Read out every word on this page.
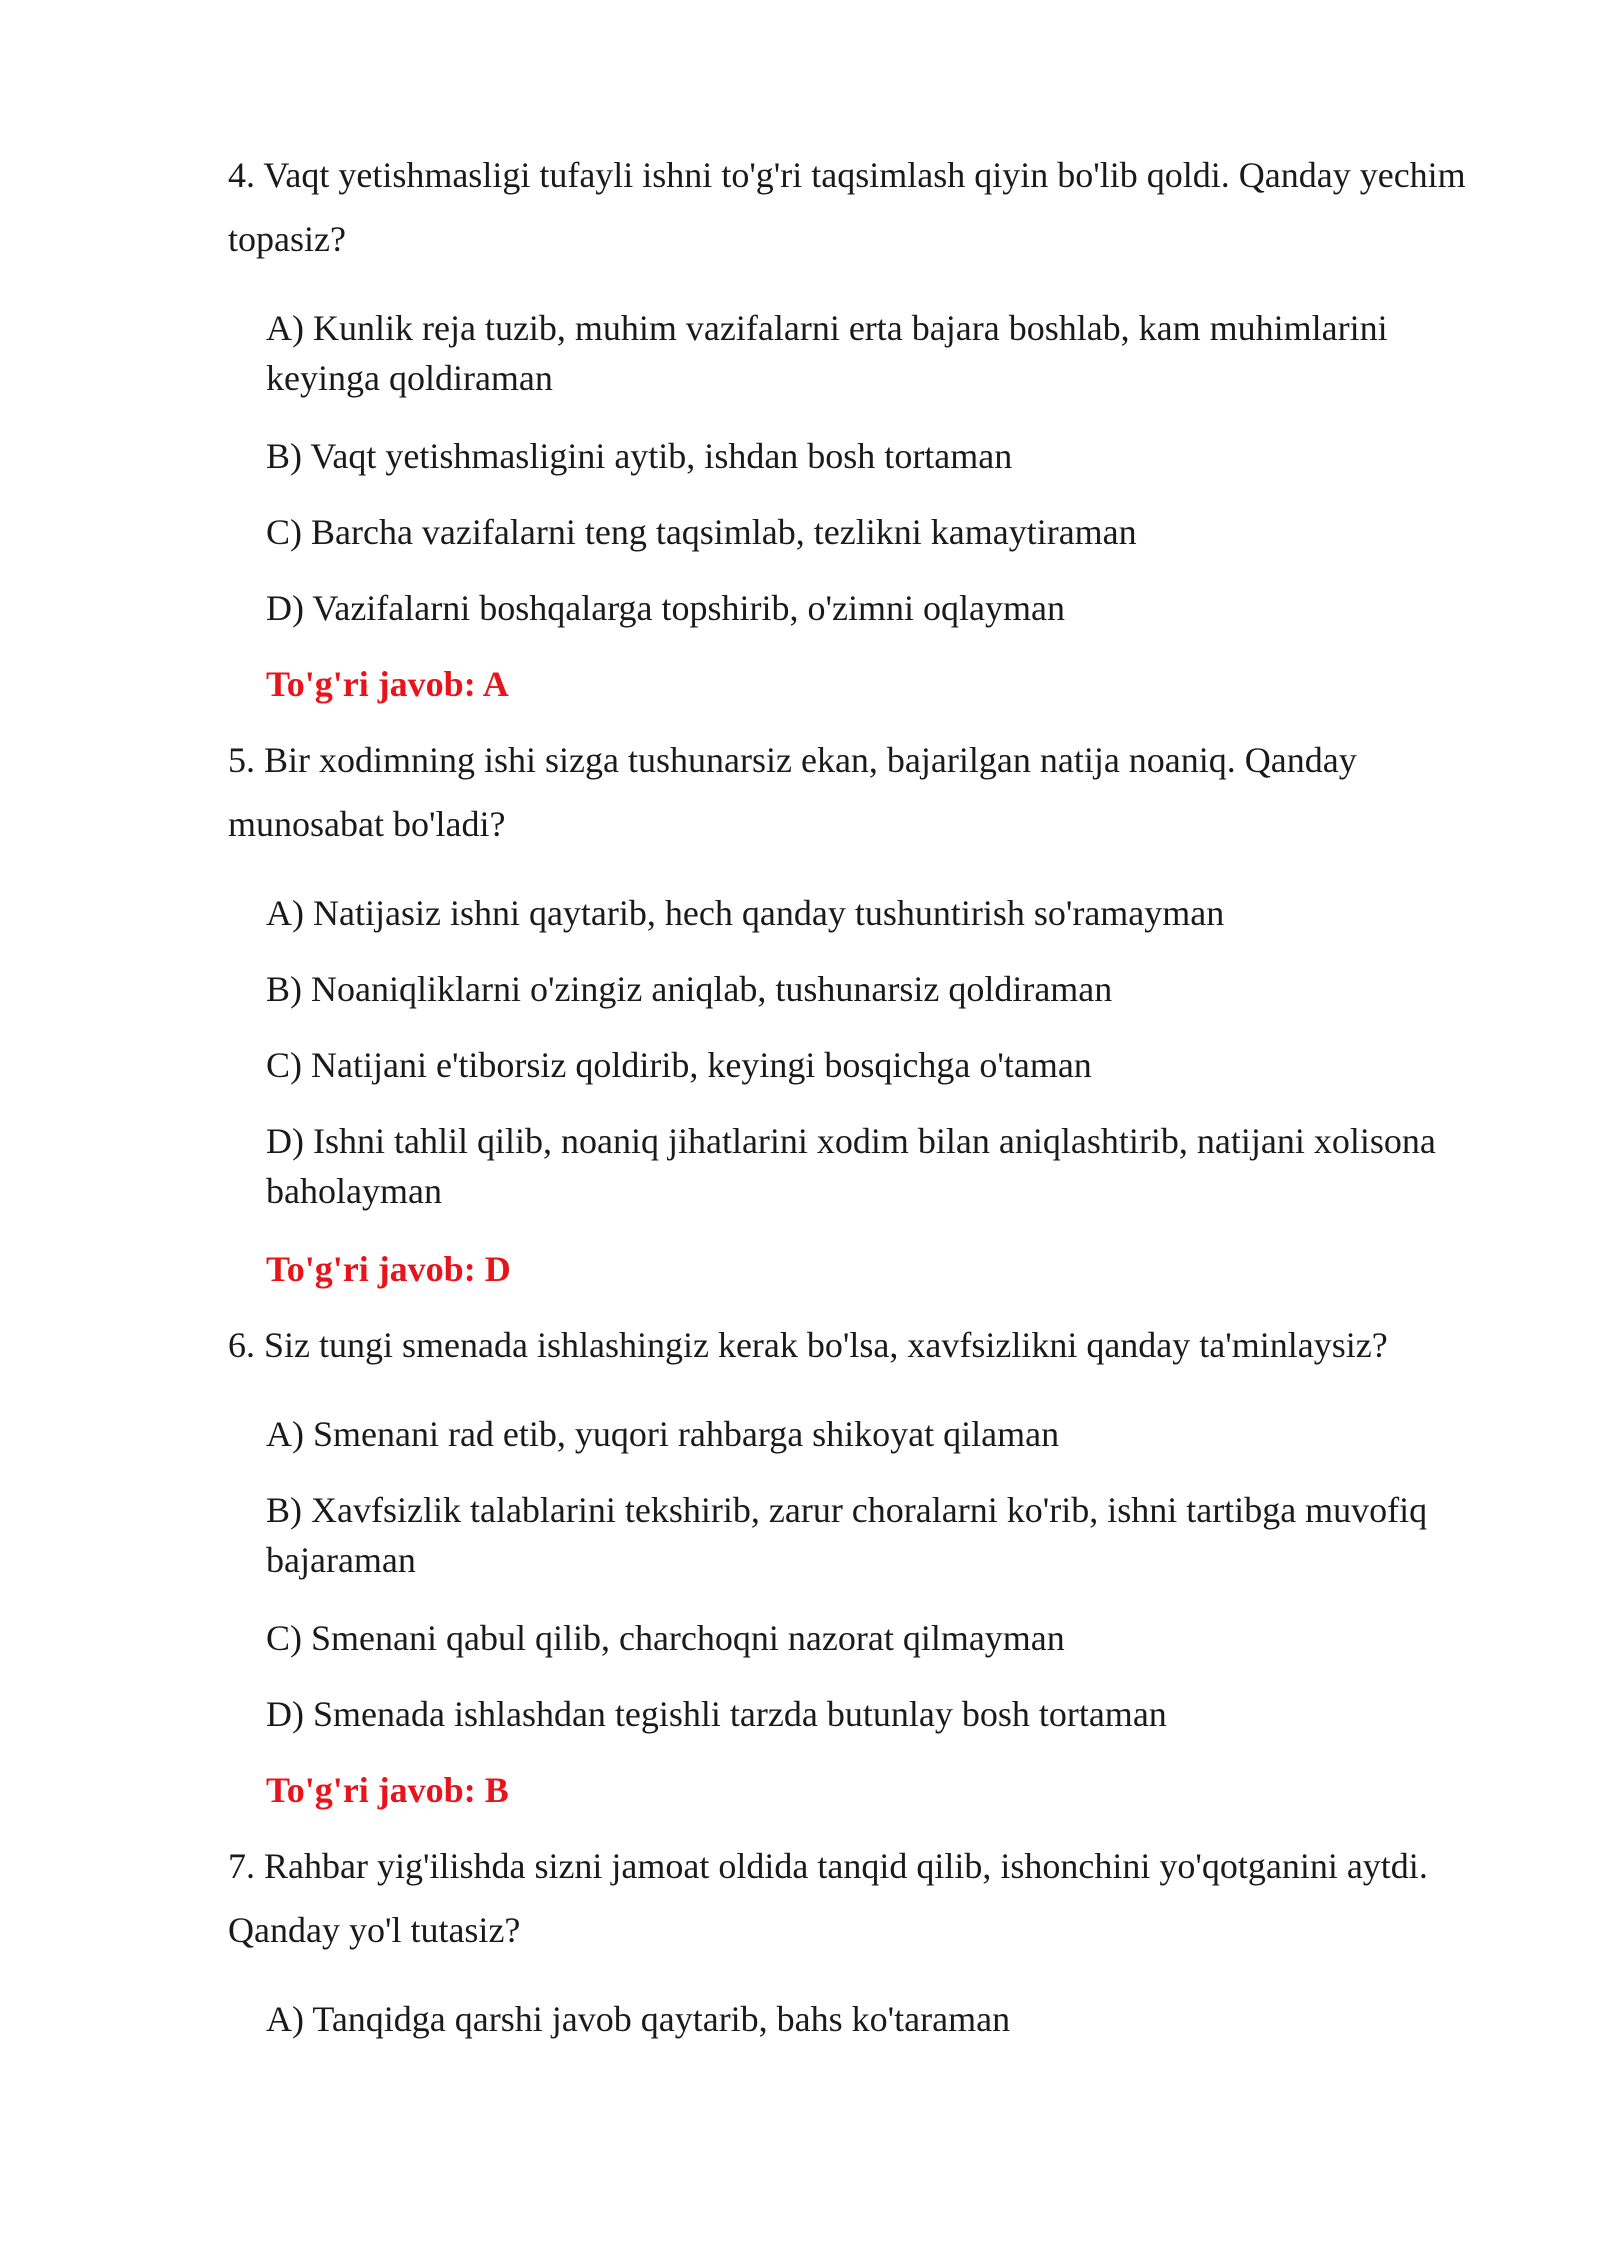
4. Vaqt yetishmasligi tufayli ishni to'g'ri taqsimlash qiyin bo'lib qoldi. Qanday yechim topasiz?
A) Kunlik reja tuzib, muhim vazifalarni erta bajara boshlab, kam muhimlarini keyinga qoldiraman
B) Vaqt yetishmasligini aytib, ishdan bosh tortaman
C) Barcha vazifalarni teng taqsimlab, tezlikni kamaytiraman
D) Vazifalarni boshqalarga topshirib, o'zimni oqlayman
To'g'ri javob: A
5. Bir xodimning ishi sizga tushunarsiz ekan, bajarilgan natija noaniq. Qanday munosabat bo'ladi?
A) Natijasiz ishni qaytarib, hech qanday tushuntirish so'ramayman
B) Noaniqliklarni o'zingiz aniqlab, tushunarsiz qoldiraman
C) Natijani e'tiborsiz qoldirib, keyingi bosqichga o'taman
D) Ishni tahlil qilib, noaniq jihatlarini xodim bilan aniqlashtirib, natijani xolisona baholayman
To'g'ri javob: D
6. Siz tungi smenada ishlashingiz kerak bo'lsa, xavfsizlikni qanday ta'minlaysiz?
A) Smenani rad etib, yuqori rahbarga shikoyat qilaman
B) Xavfsizlik talablarini tekshirib, zarur choralarni ko'rib, ishni tartibga muvofiq bajaraman
C) Smenani qabul qilib, charchoqni nazorat qilmayman
D) Smenada ishlashdan tegishli tarzda butunlay bosh tortaman
To'g'ri javob: B
7. Rahbar yig'ilishda sizni jamoat oldida tanqid qilib, ishonchini yo'qotganini aytdi. Qanday yo'l tutasiz?
A) Tanqidga qarshi javob qaytarib, bahs ko'taraman
